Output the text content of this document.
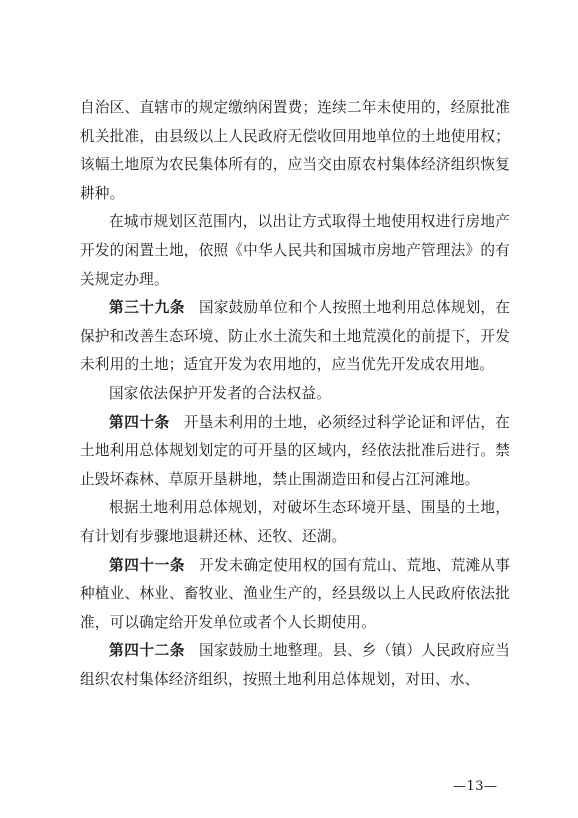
自治区、直辖市的规定缴纳闲置费；连续二年未使用的，经原批准机关批准，由县级以上人民政府无偿收回用地单位的土地使用权；该幅土地原为农民集体所有的，应当交由原农村集体经济组织恢复耕种。

在城市规划区范围内，以出让方式取得土地使用权进行房地产开发的闲置土地，依照《中华人民共和国城市房地产管理法》的有关规定办理。

第三十九条 国家鼓励单位和个人按照土地利用总体规划，在保护和改善生态环境、防止水土流失和土地荒漠化的前提下，开发未利用的土地；适宜开发为农用地的，应当优先开发成农用地。

国家依法保护开发者的合法权益。

第四十条 开垦未利用的土地，必须经过科学论证和评估，在土地利用总体规划划定的可开垦的区域内，经依法批准后进行。禁止毁坏森林、草原开垦耕地，禁止围湖造田和侵占江河滩地。

根据土地利用总体规划，对破坏生态环境开垦、围垦的土地，有计划有步骤地退耕还林、还牧、还湖。

第四十一条 开发未确定使用权的国有荒山、荒地、荒滩从事种植业、林业、畜牧业、渔业生产的，经县级以上人民政府依法批准，可以确定给开发单位或者个人长期使用。

第四十二条 国家鼓励土地整理。县、乡（镇）人民政府应当组织农村集体经济组织，按照土地利用总体规划，对田、水、

—13—
